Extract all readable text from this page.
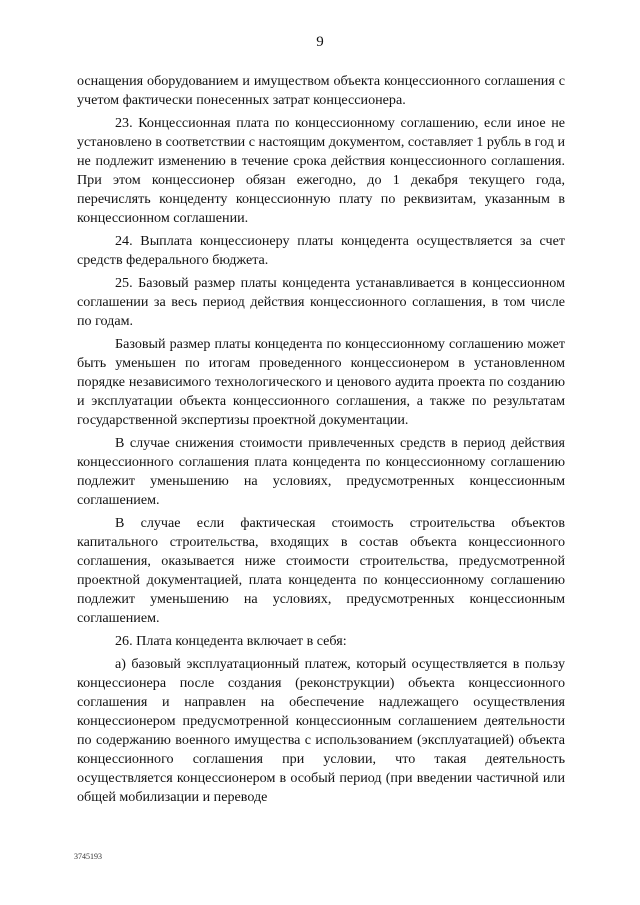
9

оснащения оборудованием и имуществом объекта концессионного соглашения с учетом фактически понесенных затрат концессионера.

23. Концессионная плата по концессионному соглашению, если иное не установлено в соответствии с настоящим документом, составляет 1 рубль в год и не подлежит изменению в течение срока действия концессионного соглашения. При этом концессионер обязан ежегодно, до 1 декабря текущего года, перечислять концеденту концессионную плату по реквизитам, указанным в концессионном соглашении.

24. Выплата концессионеру платы концедента осуществляется за счет средств федерального бюджета.

25. Базовый размер платы концедента устанавливается в концессионном соглашении за весь период действия концессионного соглашения, в том числе по годам.

Базовый размер платы концедента по концессионному соглашению может быть уменьшен по итогам проведенного концессионером в установленном порядке независимого технологического и ценового аудита проекта по созданию и эксплуатации объекта концессионного соглашения, а также по результатам государственной экспертизы проектной документации.

В случае снижения стоимости привлеченных средств в период действия концессионного соглашения плата концедента по концессионному соглашению подлежит уменьшению на условиях, предусмотренных концессионным соглашением.

В случае если фактическая стоимость строительства объектов капитального строительства, входящих в состав объекта концессионного соглашения, оказывается ниже стоимости строительства, предусмотренной проектной документацией, плата концедента по концессионному соглашению подлежит уменьшению на условиях, предусмотренных концессионным соглашением.

26. Плата концедента включает в себя:

а) базовый эксплуатационный платеж, который осуществляется в пользу концессионера после создания (реконструкции) объекта концессионного соглашения и направлен на обеспечение надлежащего осуществления концессионером предусмотренной концессионным соглашением деятельности по содержанию военного имущества с использованием (эксплуатацией) объекта концессионного соглашения при условии, что такая деятельность осуществляется концессионером в особый период (при введении частичной или общей мобилизации и переводе

3745193
